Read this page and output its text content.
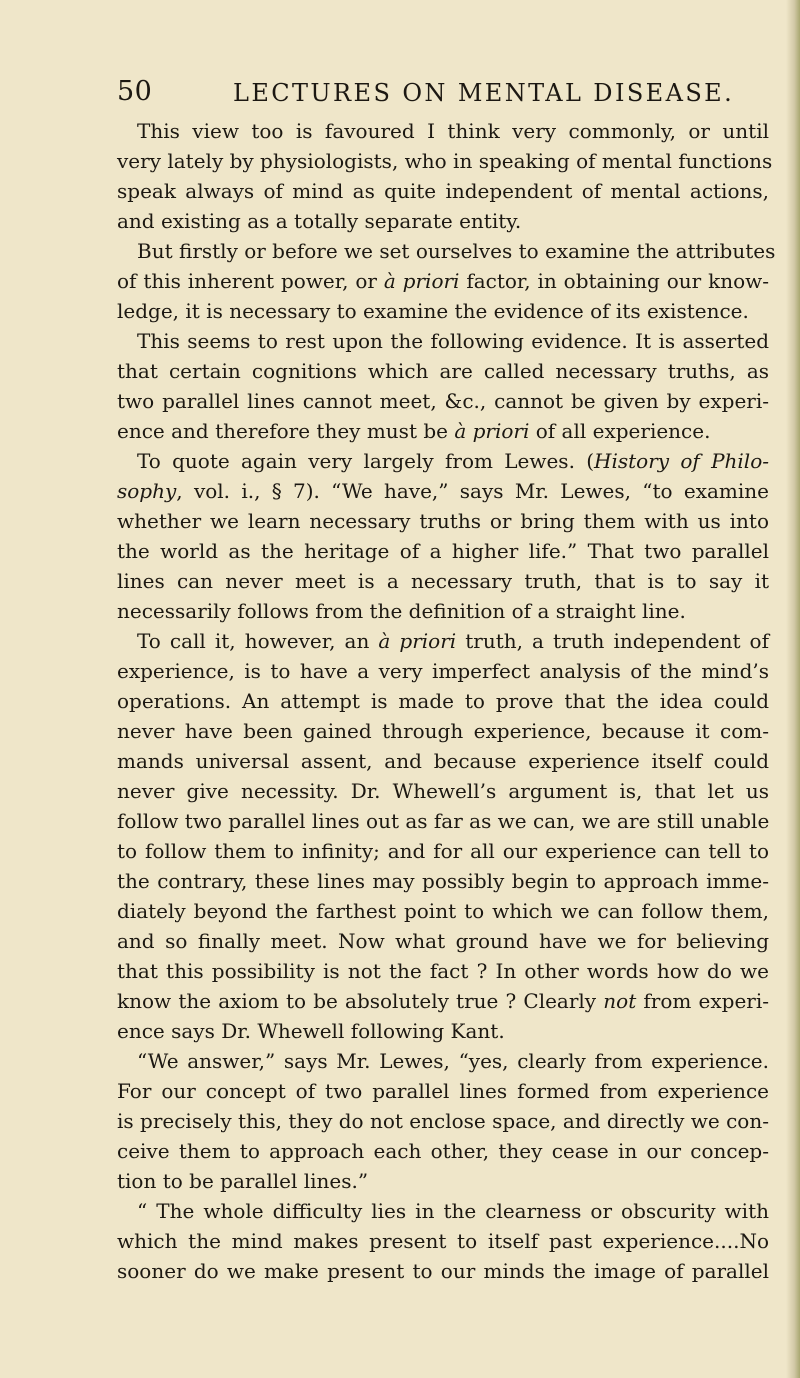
50	LECTURES ON MENTAL DISEASE.
This view too is favoured I think very commonly, or until
very lately by physiologists, who in speaking of mental functions
speak always of mind as quite independent of mental actions,
and existing as a totally separate entity.
But firstly or before we set ourselves to examine the attributes
of this inherent power, or à priori factor, in obtaining our know-
ledge, it is necessary to examine the evidence of its existence.
This seems to rest upon the following evidence. It is asserted
that certain cognitions which are called necessary truths, as
two parallel lines cannot meet, &c., cannot be given by experi-
ence and therefore they must be à priori of all experience.
To quote again very largely from Lewes. (History of Philo-
sophy, vol. i., § 7). “We have,” says Mr. Lewes, “to examine
whether we learn necessary truths or bring them with us into
the world as the heritage of a higher life.” That two parallel
lines can never meet is a necessary truth, that is to say it
necessarily follows from the definition of a straight line.
To call it, however, an à priori truth, a truth independent of
experience, is to have a very imperfect analysis of the mind’s
operations. An attempt is made to prove that the idea could
never have been gained through experience, because it com-
mands universal assent, and because experience itself could
never give necessity. Dr. Whewell’s argument is, that let us
follow two parallel lines out as far as we can, we are still unable
to follow them to infinity; and for all our experience can tell to
the contrary, these lines may possibly begin to approach imme-
diately beyond the farthest point to which we can follow them,
and so finally meet. Now what ground have we for believing
that this possibility is not the fact ? In other words how do we
know the axiom to be absolutely true ? Clearly not from experi-
ence says Dr. Whewell following Kant.
“We answer,” says Mr. Lewes, “yes, clearly from experience.
For our concept of two parallel lines formed from experience
is precisely this, they do not enclose space, and directly we con-
ceive them to approach each other, they cease in our concep-
tion to be parallel lines.”
“ The whole difficulty lies in the clearness or obscurity with
which the mind makes present to itself past experience....No
sooner do we make present to our minds the image of parallel
